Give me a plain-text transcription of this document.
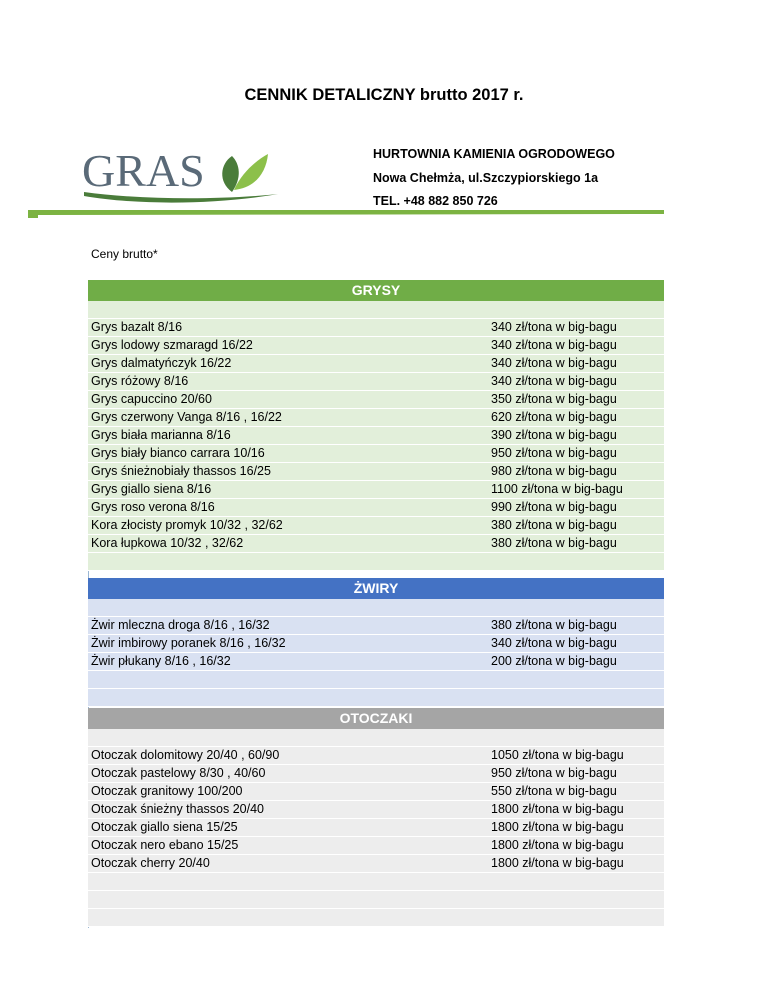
CENNIK DETALICZNY brutto 2017 r.
GRAS	HURTOWNIA KAMIENIA OGRODOWEGO
Nowa Chełmża, ul.Szczypiorskiego 1a
TEL. +48 882 850 726
Ceny brutto*
GRYSY
Grys bazalt 8/16	340 zł/tona w big-bagu
Grys lodowy szmaragd 16/22	340 zł/tona w big-bagu
Grys dalmatyńczyk 16/22	340 zł/tona w big-bagu
Grys różowy 8/16	340 zł/tona w big-bagu
Grys capuccino 20/60	350 zł/tona w big-bagu
Grys czerwony Vanga 8/16 , 16/22	620 zł/tona w big-bagu
Grys biała marianna 8/16	390 zł/tona w big-bagu
Grys biały bianco carrara 10/16	950 zł/tona w big-bagu
Grys śnieżnobiały thassos 16/25	980 zł/tona w big-bagu
Grys giallo siena 8/16	1100 zł/tona w big-bagu
Grys roso verona 8/16	990 zł/tona w big-bagu
Kora złocisty promyk 10/32 , 32/62	380 zł/tona w big-bagu
Kora łupkowa 10/32 , 32/62	380 zł/tona w big-bagu
ŻWIRY
Żwir mleczna droga 8/16 , 16/32	380 zł/tona w big-bagu
Żwir imbirowy poranek 8/16 , 16/32	340 zł/tona w big-bagu
Żwir płukany 8/16 , 16/32	200 zł/tona w big-bagu
OTOCZAKI
Otoczak dolomitowy 20/40 , 60/90	1050 zł/tona w big-bagu
Otoczak pastelowy 8/30 , 40/60	950 zł/tona w big-bagu
Otoczak granitowy 100/200	550 zł/tona w big-bagu
Otoczak śnieżny thassos 20/40	1800 zł/tona w big-bagu
Otoczak giallo siena 15/25	1800 zł/tona w big-bagu
Otoczak nero ebano 15/25	1800 zł/tona w big-bagu
Otoczak cherry 20/40	1800 zł/tona w big-bagu
